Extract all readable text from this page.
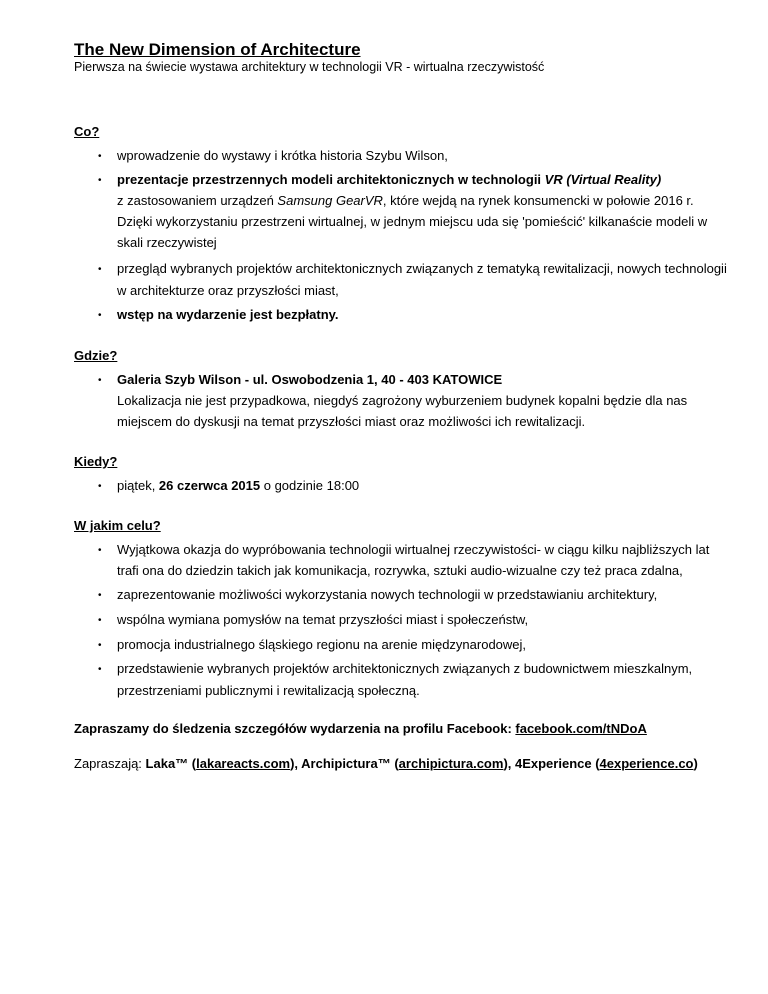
The New Dimension of Architecture
Pierwsza na świecie wystawa architektury w technologii VR - wirtualna rzeczywistość
Co?
• wprowadzenie do wystawy i krótka historia Szybu Wilson,
• prezentacje przestrzennych modeli architektonicznych w technologii VR (Virtual Reality)
z zastosowaniem urządzeń Samsung GearVR, które wejdą na rynek konsumencki w połowie 2016 r.
Dzięki wykorzystaniu przestrzeni wirtualnej, w jednym miejscu uda się 'pomieścić' kilkanaście modeli w
skali rzeczywistej
• przegląd wybranych projektów architektonicznych związanych z tematyką rewitalizacji, nowych technologii
w architekturze oraz przyszłości miast,
• wstęp na wydarzenie jest bezpłatny.
Gdzie?
• Galeria Szyb Wilson - ul. Oswobodzenia 1, 40 - 403 KATOWICE
Lokalizacja nie jest przypadkowa, niegdyś zagrożony wyburzeniem budynek kopalni będzie dla nas
miejscem do dyskusji na temat przyszłości miast oraz możliwości ich rewitalizacji.
Kiedy?
• piątek, 26 czerwca 2015 o godzinie 18:00
W jakim celu?
• Wyjątkowa okazja do wypróbowania technologii wirtualnej rzeczywistości- w ciągu kilku najbliższych lat
trafi ona do dziedzin takich jak komunikacja, rozrywka, sztuki audio-wizualne czy też praca zdalna,
• zaprezentowanie możliwości wykorzystania nowych technologii w przedstawianiu architektury,
• wspólna wymiana pomysłów na temat przyszłości miast i społeczeństw,
• promocja industrialnego śląskiego regionu na arenie międzynarodowej,
• przedstawienie wybranych projektów architektonicznych związanych z budownictwem mieszkalnym,
przestrzeniami publicznymi i rewitalizacją społeczną.
Zapraszamy do śledzenia szczegółów wydarzenia na profilu Facebook: facebook.com/tNDoA
Zapraszają: Laka™ (lakareacts.com), Archipictura™ (archipictura.com), 4Experience (4experience.co)
